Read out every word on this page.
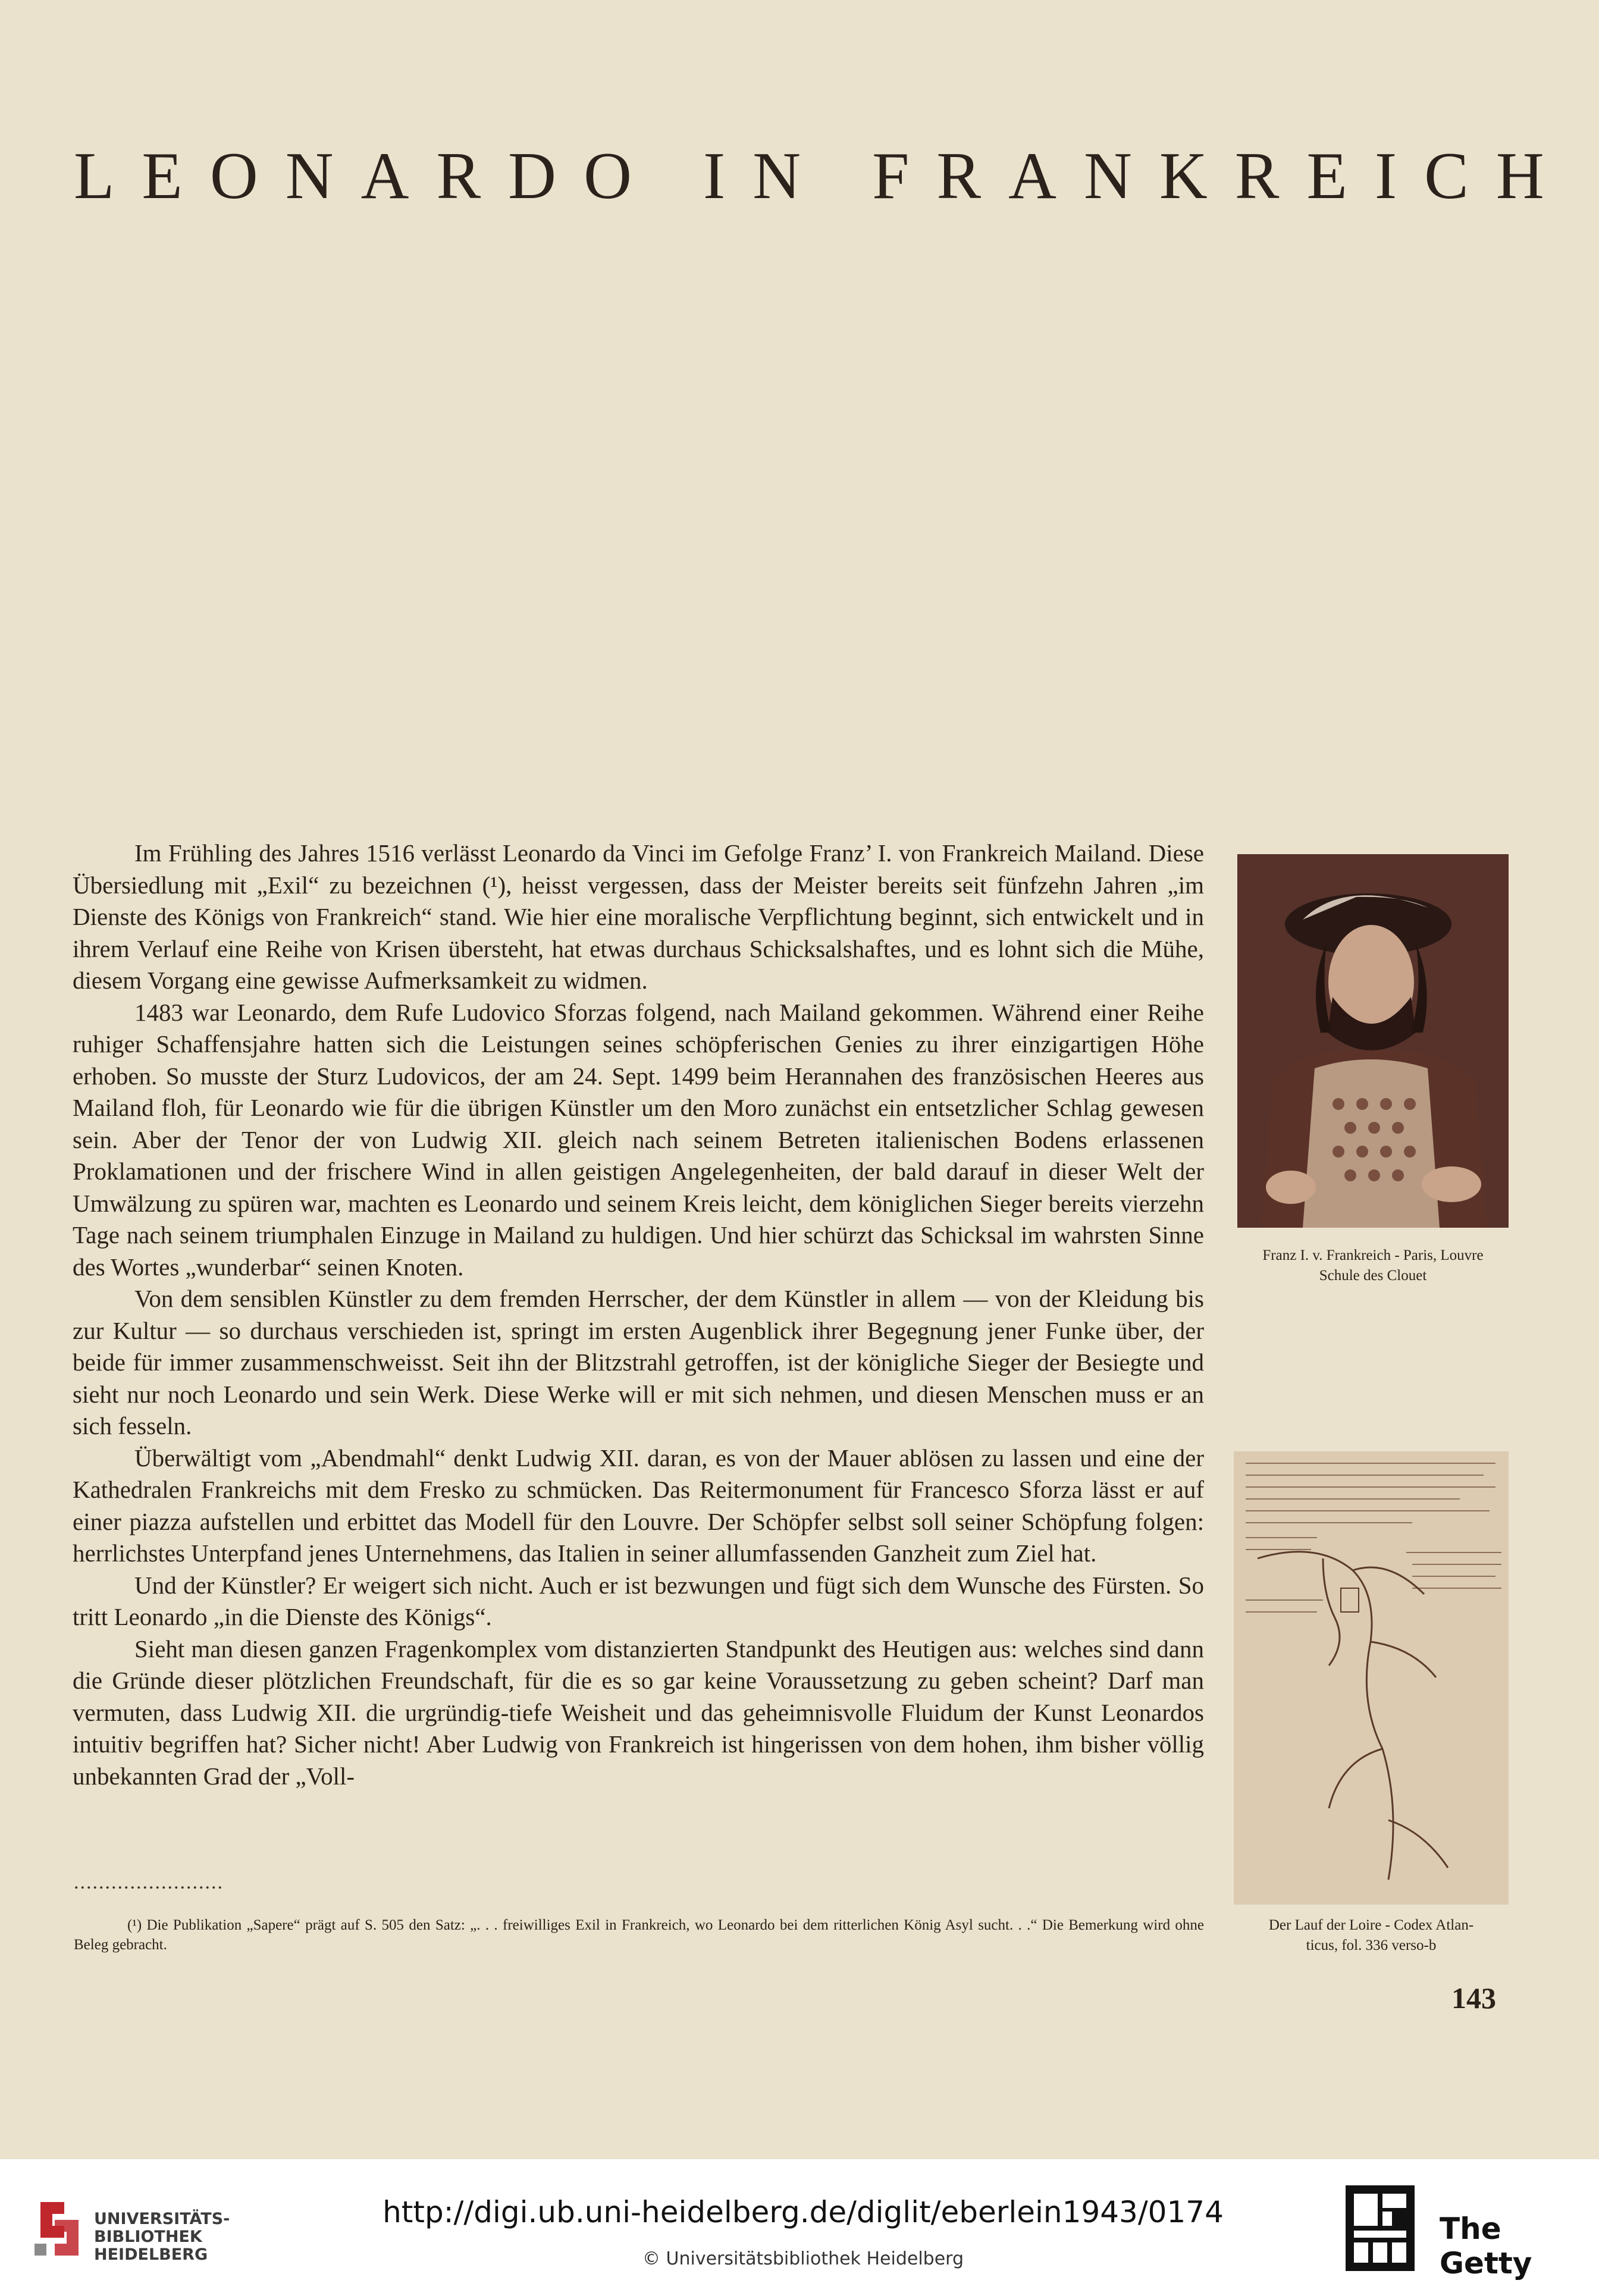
LEONARDO IN FRANKREICH

Im Frühling des Jahres 1516 verlässt Leonardo da Vinci im Gefolge Franz’ I. von Frankreich Mailand. Diese Übersiedlung mit „Exil“ zu bezeichnen (¹), heisst vergessen, dass der Meister bereits seit fünfzehn Jahren „im Dienste des Königs von Frankreich“ stand. Wie hier eine moralische Verpflichtung beginnt, sich entwickelt und in ihrem Verlauf eine Reihe von Krisen übersteht, hat etwas durchaus Schicksalshaftes, und es lohnt sich die Mühe, diesem Vorgang eine gewisse Aufmerksamkeit zu widmen.

1483 war Leonardo, dem Rufe Ludovico Sforzas folgend, nach Mailand gekommen. Während einer Reihe ruhiger Schaffensjahre hatten sich die Leistungen seines schöpferischen Genies zu ihrer einzigartigen Höhe erhoben. So musste der Sturz Ludovicos, der am 24. Sept. 1499 beim Herannahen des französischen Heeres aus Mailand floh, für Leonardo wie für die übrigen Künstler um den Moro zunächst ein entsetzlicher Schlag gewesen sein. Aber der Tenor der von Ludwig XII. gleich nach seinem Betreten italienischen Bodens erlassenen Proklamationen und der frischere Wind in allen geistigen Angelegenheiten, der bald darauf in dieser Welt der Umwälzung zu spüren war, machten es Leonardo und seinem Kreis leicht, dem königlichen Sieger bereits vierzehn Tage nach seinem triumphalen Einzuge in Mailand zu huldigen. Und hier schürzt das Schicksal im wahrsten Sinne des Wortes „wunderbar“ seinen Knoten.

Von dem sensiblen Künstler zu dem fremden Herrscher, der dem Künstler in allem — von der Kleidung bis zur Kultur — so durchaus verschieden ist, springt im ersten Augenblick ihrer Begegnung jener Funke über, der beide für immer zusammenschweisst. Seit ihn der Blitzstrahl getroffen, ist der königliche Sieger der Besiegte und sieht nur noch Leonardo und sein Werk. Diese Werke will er mit sich nehmen, und diesen Menschen muss er an sich fesseln.

Überwältigt vom „Abendmahl“ denkt Ludwig XII. daran, es von der Mauer ablösen zu lassen und eine der Kathedralen Frankreichs mit dem Fresko zu schmücken. Das Reitermonument für Francesco Sforza lässt er auf einer piazza aufstellen und erbittet das Modell für den Louvre. Der Schöpfer selbst soll seiner Schöpfung folgen: herrlichstes Unterpfand jenes Unternehmens, das Italien in seiner allumfassenden Ganzheit zum Ziel hat.

Und der Künstler? Er weigert sich nicht. Auch er ist bezwungen und fügt sich dem Wunsche des Fürsten. So tritt Leonardo „in die Dienste des Königs“.

Sieht man diesen ganzen Fragenkomplex vom distanzierten Standpunkt des Heutigen aus: welches sind dann die Gründe dieser plötzlichen Freundschaft, für die es so gar keine Voraussetzung zu geben scheint? Darf man vermuten, dass Ludwig XII. die urgründig-tiefe Weisheit und das geheimnisvolle Fluidum der Kunst Leonardos intuitiv begriffen hat? Sicher nicht! Aber Ludwig von Frankreich ist hingerissen von dem hohen, ihm bisher völlig unbekannten Grad der „Voll-

........................
(¹) Die Publikation „Sapere“ prägt auf S. 505 den Satz: „. . . freiwilliges Exil in Frankreich, wo Leonardo bei dem ritterlichen König Asyl sucht. . .“ Die Bemerkung wird ohne Beleg gebracht.
Franz I. v. Frankreich - Paris, Louvre
Schule des Clouet
Der Lauf der Loire - Codex Atlan-
ticus, fol. 336 verso-b
143
UNIVERSITÄTS-
BIBLIOTHEK
HEIDELBERG
http://digi.ub.uni-heidelberg.de/diglit/eberlein1943/0174
© Universitätsbibliothek Heidelberg
The Getty
